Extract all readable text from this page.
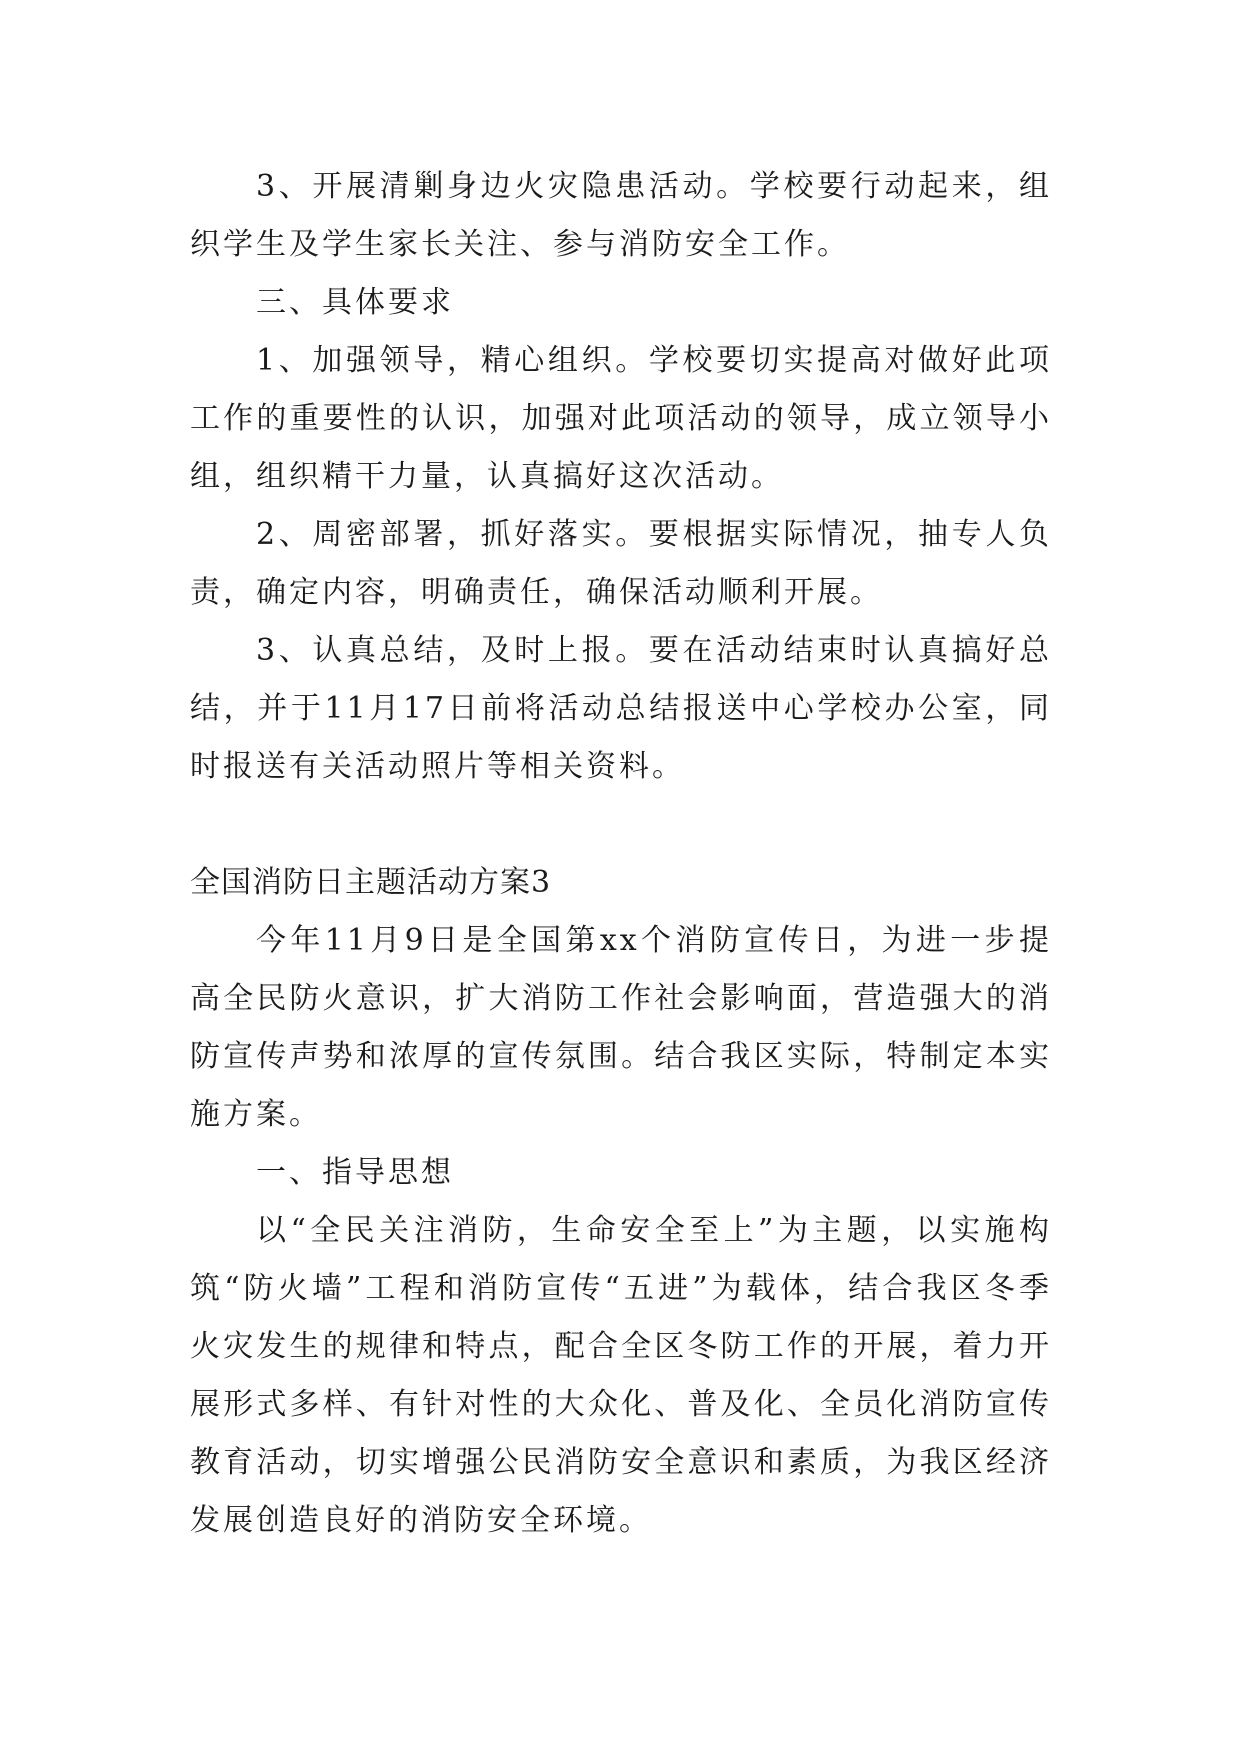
3、开展清剿身边火灾隐患活动。学校要行动起来，组织学生及学生家长关注、参与消防安全工作。

三、具体要求

1、加强领导，精心组织。学校要切实提高对做好此项工作的重要性的认识，加强对此项活动的领导，成立领导小组，组织精干力量，认真搞好这次活动。

2、周密部署，抓好落实。要根据实际情况，抽专人负责，确定内容，明确责任，确保活动顺利开展。

3、认真总结，及时上报。要在活动结束时认真搞好总结，并于11月17日前将活动总结报送中心学校办公室，同时报送有关活动照片等相关资料。

全国消防日主题活动方案3

今年11月9日是全国第xx个消防宣传日，为进一步提高全民防火意识，扩大消防工作社会影响面，营造强大的消防宣传声势和浓厚的宣传氛围。结合我区实际，特制定本实施方案。

一、指导思想

以“全民关注消防，生命安全至上”为主题，以实施构筑“防火墙”工程和消防宣传“五进”为载体，结合我区冬季火灾发生的规律和特点，配合全区冬防工作的开展，着力开展形式多样、有针对性的大众化、普及化、全员化消防宣传教育活动，切实增强公民消防安全意识和素质，为我区经济发展创造良好的消防安全环境。
